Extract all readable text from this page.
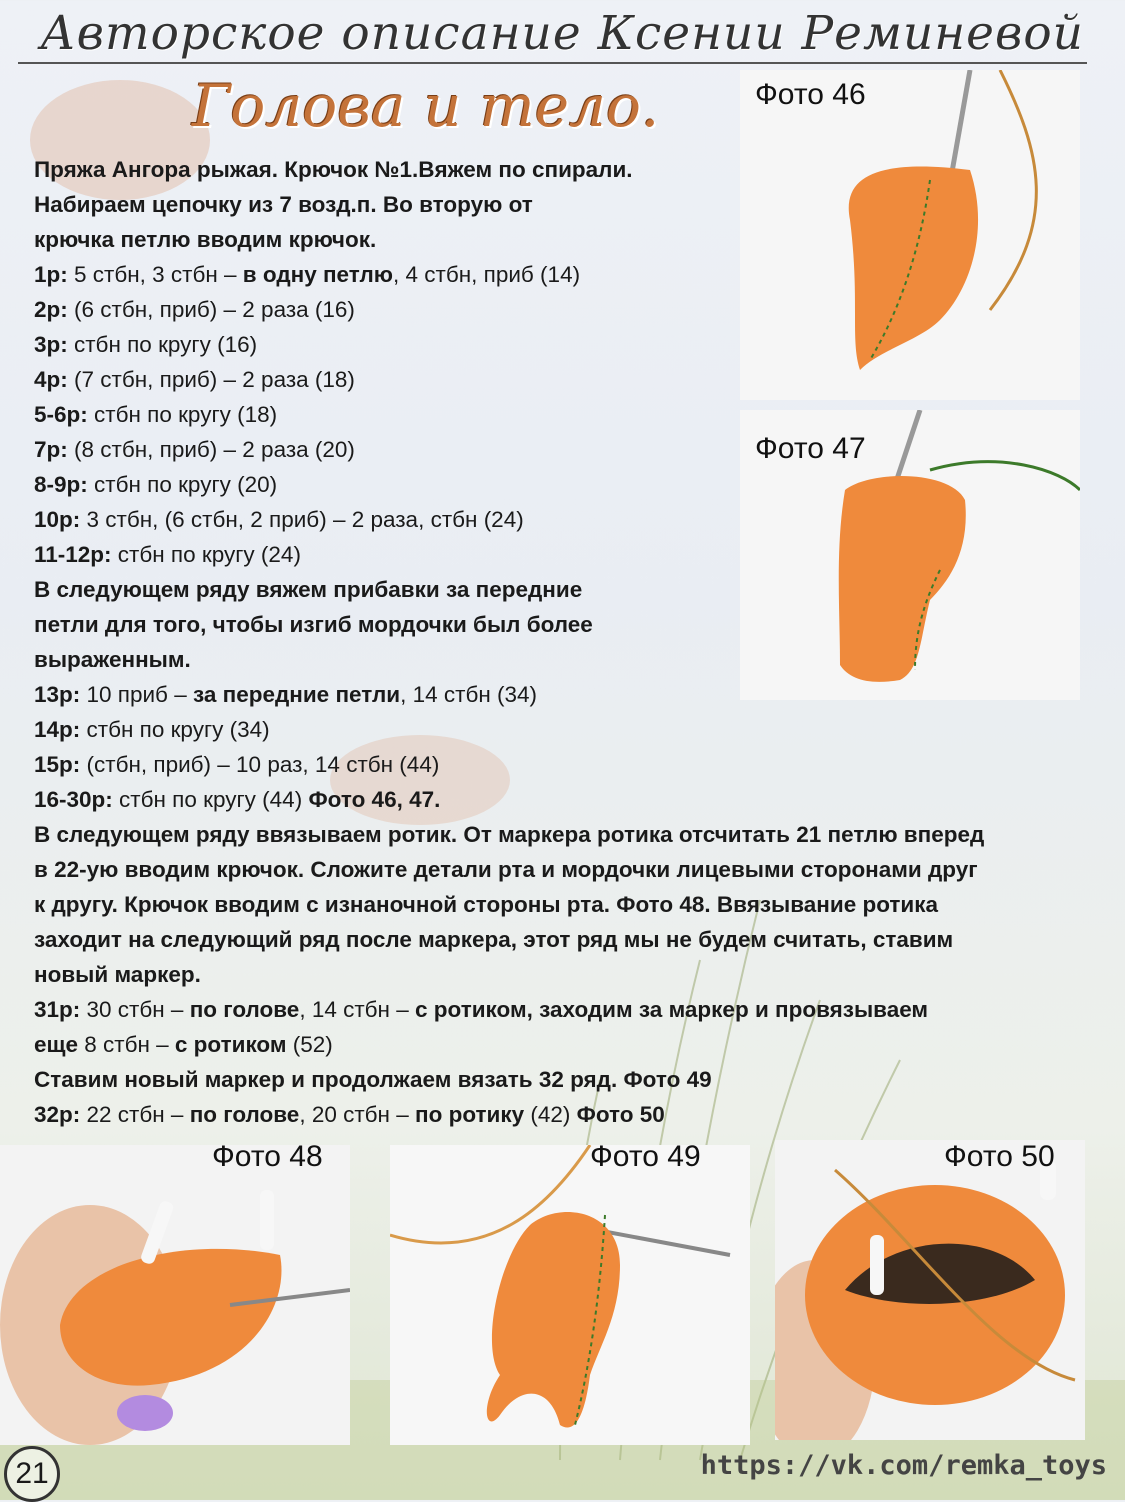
Авторское описание Ксении Реминевой
Голова и тело.	Фото 46
Фото 47
Пряжа Ангора рыжая. Крючок №1.Вяжем по спирали.
Набираем цепочку из 7 возд.п. Во вторую от
крючка петлю вводим крючок.
1р: 5 стбн, 3 стбн – в одну петлю, 4 стбн, приб (14)
2р: (6 стбн, приб) – 2 раза (16)
3р: стбн по кругу (16)
4р: (7 стбн, приб) – 2 раза (18)
5-6р: стбн по кругу (18)
7р: (8 стбн, приб) – 2 раза (20)
8-9р: стбн по кругу (20)
10р: 3 стбн, (6 стбн, 2 приб) – 2 раза, стбн (24)
11-12р: стбн по кругу (24)
В следующем ряду вяжем прибавки за передние
петли для того, чтобы изгиб мордочки был более
выраженным.
13р: 10 приб – за передние петли, 14 стбн (34)
14р: стбн по кругу (34)
15р: (стбн, приб) – 10 раз, 14 стбн (44)
16-30р: стбн по кругу (44) Фото 46, 47.
В следующем ряду ввязываем ротик. От маркера ротика отсчитать 21 петлю вперед
в 22-ую вводим крючок. Сложите детали рта и мордочки лицевыми сторонами друг
к другу. Крючок вводим с изнаночной стороны рта. Фото 48. Ввязывание ротика
заходит на следующий ряд после маркера, этот ряд мы не будем считать, ставим
новый маркер.
31р: 30 стбн – по голове, 14 стбн – с ротиком, заходим за маркер и провязываем
еще 8 стбн – с ротиком (52)
Ставим новый маркер и продолжаем вязать 32 ряд. Фото 49
32р: 22 стбн – по голове, 20 стбн – по ротику (42) Фото 50
Фото 48	Фото 49	Фото 50
21	https://vk.com/remka_toys
